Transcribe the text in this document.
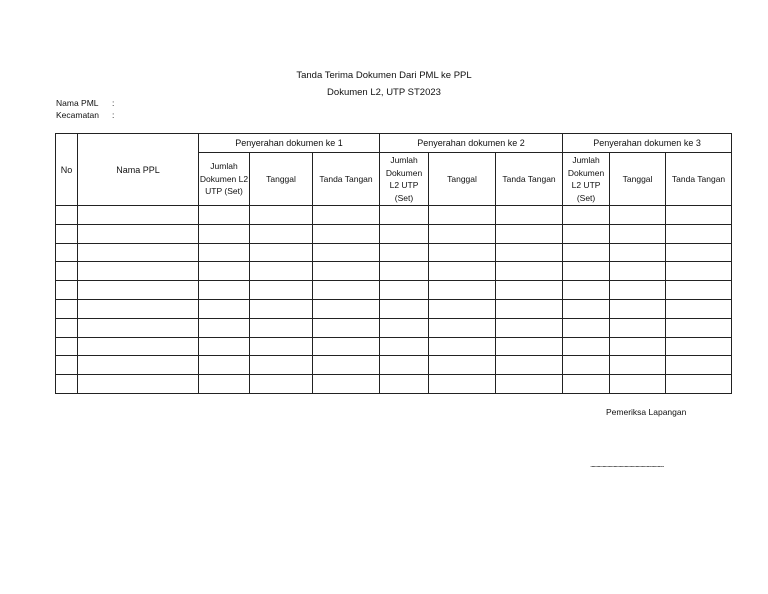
Tanda Terima Dokumen Dari PML ke PPL
Dokumen L2, UTP ST2023
Nama PML :
Kecamatan :
No	Nama PPL	Penyerahan dokumen ke 1			Penyerahan dokumen ke 2			Penyerahan dokumen ke 3		
		Jumlah Dokumen L2 UTP (Set)	Tanggal	Tanda Tangan	Jumlah Dokumen L2 UTP (Set)	Tanggal	Tanda Tangan	Jumlah Dokumen L2 UTP (Set)	Tanggal	Tanda Tangan

Pemeriksa Lapangan
............................................................
